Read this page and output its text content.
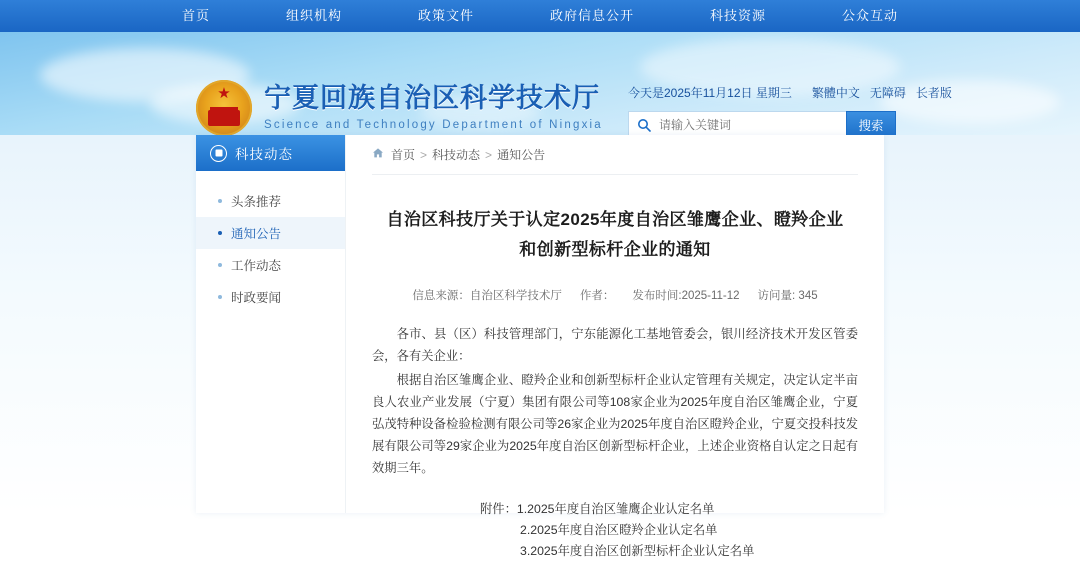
首页	组织机构	政策文件	政府信息公开	科技资源	公众互动
★
宁夏回族自治区科学技术厅
Science and Technology Department of Ningxia
今天是2025年11月12日 星期三 繁體中文 无障碍 长者版
请输入关键词
搜索
科技动态
头条推荐
通知公告
工作动态
时政要闻
首页 > 科技动态 > 通知公告
自治区科技厅关于认定2025年度自治区雏鹰企业、瞪羚企业
和创新型标杆企业的通知
信息来源：自治区科学技术厅 作者： 发布时间:2025-11-12 访问量: 345

各市、县（区）科技管理部门，宁东能源化工基地管委会，银川经济技术开发区管委会，各有关企业：

根据自治区雏鹰企业、瞪羚企业和创新型标杆企业认定管理有关规定，决定认定半亩良人农业产业发展（宁夏）集团有限公司等108家企业为2025年度自治区雏鹰企业，宁夏弘茂特种设备检验检测有限公司等26家企业为2025年度自治区瞪羚企业，宁夏交投科技发展有限公司等29家企业为2025年度自治区创新型标杆企业，上述企业资格自认定之日起有效期三年。

附件：1.2025年度自治区雏鹰企业认定名单
2.2025年度自治区瞪羚企业认定名单
3.2025年度自治区创新型标杆企业认定名单
